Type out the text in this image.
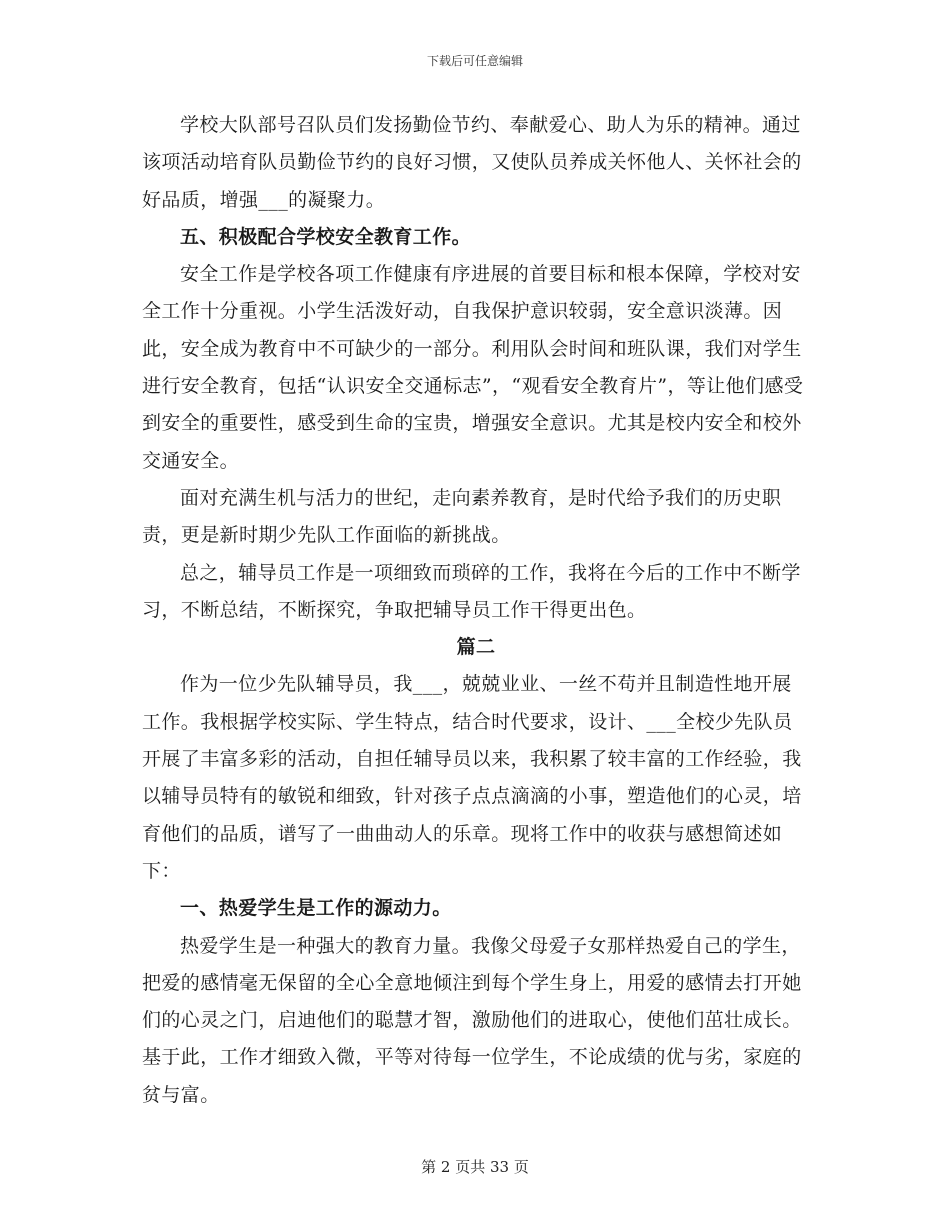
下载后可任意编辑

学校大队部号召队员们发扬勤俭节约、奉献爱心、助人为乐的精神。通过该项活动培育队员勤俭节约的良好习惯，又使队员养成关怀他人、关怀社会的好品质，增强___的凝聚力。

五、积极配合学校安全教育工作。

安全工作是学校各项工作健康有序进展的首要目标和根本保障，学校对安全工作十分重视。小学生活泼好动，自我保护意识较弱，安全意识淡薄。因此，安全成为教育中不可缺少的一部分。利用队会时间和班队课，我们对学生进行安全教育，包括“认识安全交通标志”，“观看安全教育片”，等让他们感受到安全的重要性，感受到生命的宝贵，增强安全意识。尤其是校内安全和校外交通安全。

面对充满生机与活力的世纪，走向素养教育，是时代给予我们的历史职责，更是新时期少先队工作面临的新挑战。

总之，辅导员工作是一项细致而琐碎的工作，我将在今后的工作中不断学习，不断总结，不断探究，争取把辅导员工作干得更出色。

篇二

作为一位少先队辅导员，我___，兢兢业业、一丝不苟并且制造性地开展工作。我根据学校实际、学生特点，结合时代要求，设计、___全校少先队员开展了丰富多彩的活动，自担任辅导员以来，我积累了较丰富的工作经验，我以辅导员特有的敏锐和细致，针对孩子点点滴滴的小事，塑造他们的心灵，培育他们的品质，谱写了一曲曲动人的乐章。现将工作中的收获与感想简述如下：

一、热爱学生是工作的源动力。

热爱学生是一种强大的教育力量。我像父母爱子女那样热爱自己的学生，把爱的感情毫无保留的全心全意地倾注到每个学生身上，用爱的感情去打开她们的心灵之门，启迪他们的聪慧才智，激励他们的进取心，使他们茁壮成长。基于此，工作才细致入微，平等对待每一位学生，不论成绩的优与劣，家庭的贫与富。

第 2 页共 33 页
